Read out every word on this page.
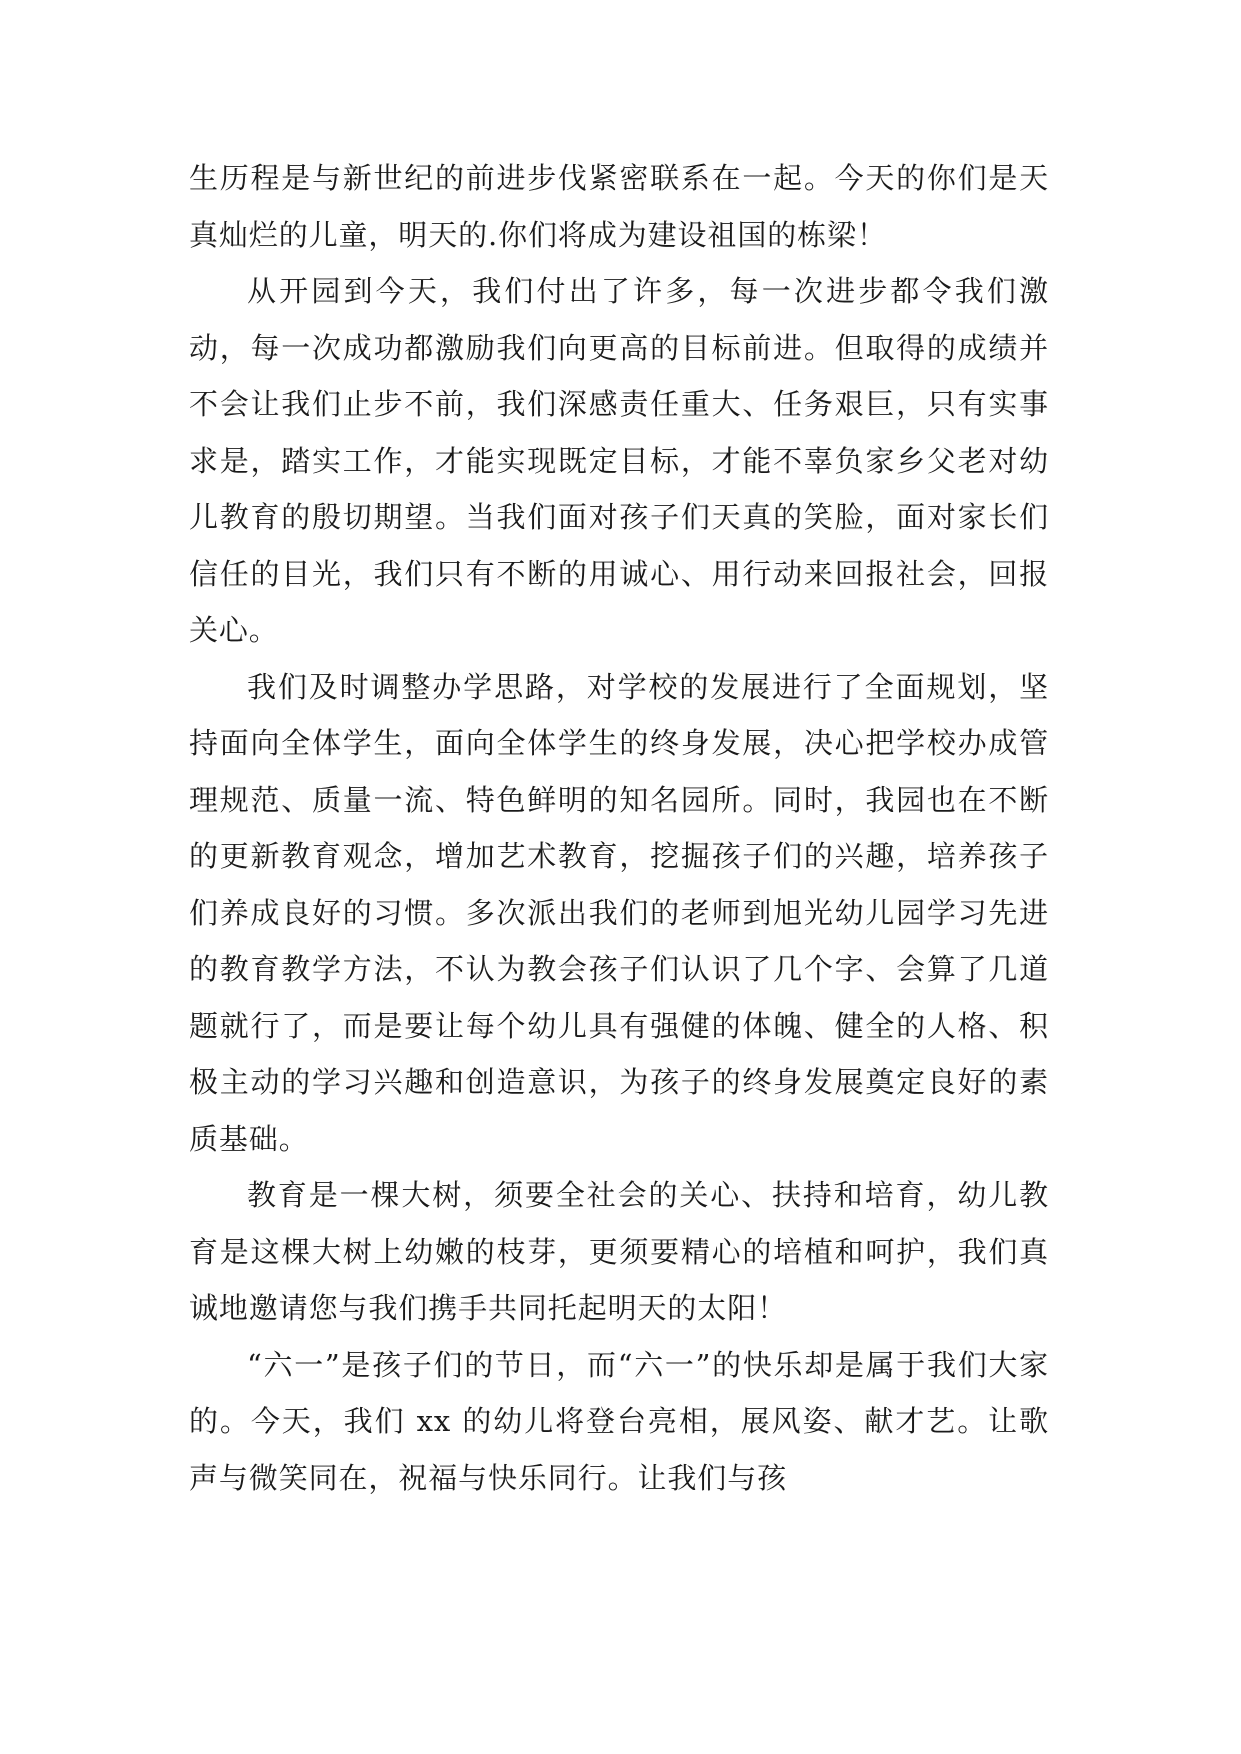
生历程是与新世纪的前进步伐紧密联系在一起。今天的你们是天真灿烂的儿童，明天的.你们将成为建设祖国的栋梁！

从开园到今天，我们付出了许多，每一次进步都令我们激动，每一次成功都激励我们向更高的目标前进。但取得的成绩并不会让我们止步不前，我们深感责任重大、任务艰巨，只有实事求是，踏实工作，才能实现既定目标，才能不辜负家乡父老对幼儿教育的殷切期望。当我们面对孩子们天真的笑脸，面对家长们信任的目光，我们只有不断的用诚心、用行动来回报社会，回报关心。

我们及时调整办学思路，对学校的发展进行了全面规划，坚持面向全体学生，面向全体学生的终身发展，决心把学校办成管理规范、质量一流、特色鲜明的知名园所。同时，我园也在不断的更新教育观念，增加艺术教育，挖掘孩子们的兴趣，培养孩子们养成良好的习惯。多次派出我们的老师到旭光幼儿园学习先进的教育教学方法，不认为教会孩子们认识了几个字、会算了几道题就行了，而是要让每个幼儿具有强健的体魄、健全的人格、积极主动的学习兴趣和创造意识，为孩子的终身发展奠定良好的素质基础。

教育是一棵大树，须要全社会的关心、扶持和培育，幼儿教育是这棵大树上幼嫩的枝芽，更须要精心的培植和呵护，我们真诚地邀请您与我们携手共同托起明天的太阳！

“六一”是孩子们的节日，而“六一”的快乐却是属于我们大家的。今天，我们 xx 的幼儿将登台亮相，展风姿、献才艺。让歌声与微笑同在，祝福与快乐同行。让我们与孩
